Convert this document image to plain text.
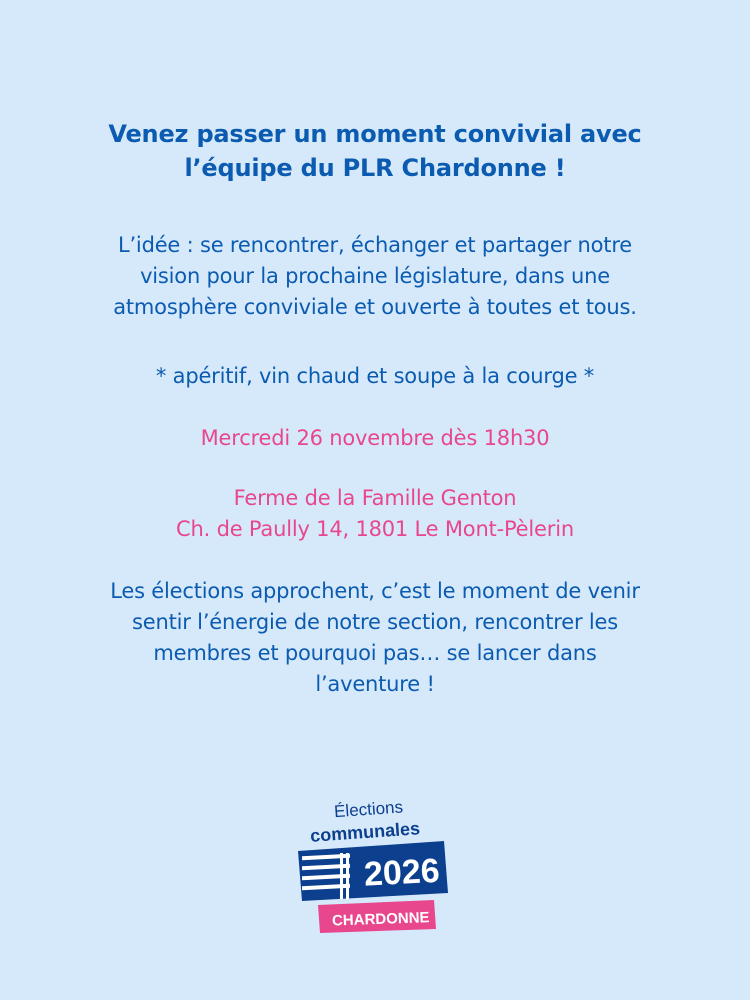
Venez passer un moment convivial avec
l’équipe du PLR Chardonne !
L’idée : se rencontrer, échanger et partager notre
vision pour la prochaine législature, dans une
atmosphère conviviale et ouverte à toutes et tous.
* apéritif, vin chaud et soupe à la courge *
Mercredi 26 novembre dès 18h30
Ferme de la Famille Genton
Ch. de Paully 14, 1801 Le Mont-Pèlerin
Les élections approchent, c’est le moment de venir
sentir l’énergie de notre section, rencontrer les
membres et pourquoi pas… se lancer dans
l’aventure !
Élections
communales
2026
CHARDONNE
